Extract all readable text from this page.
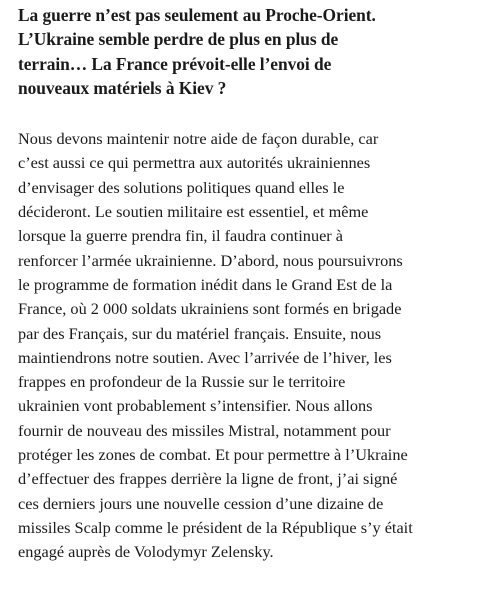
La guerre n’est pas seulement au Proche-Orient.
L’Ukraine semble perdre de plus en plus de
terrain… La France prévoit-elle l’envoi de
nouveaux matériels à Kiev ?

Nous devons maintenir notre aide de façon durable, car
c’est aussi ce qui permettra aux autorités ukrainiennes
d’envisager des solutions politiques quand elles le
décideront. Le soutien militaire est essentiel, et même
lorsque la guerre prendra fin, il faudra continuer à
renforcer l’armée ukrainienne. D’abord, nous poursuivrons
le programme de formation inédit dans le Grand Est de la
France, où 2 000 soldats ukrainiens sont formés en brigade
par des Français, sur du matériel français. Ensuite, nous
maintiendrons notre soutien. Avec l’arrivée de l’hiver, les
frappes en profondeur de la Russie sur le territoire
ukrainien vont probablement s’intensifier. Nous allons
fournir de nouveau des missiles Mistral, notamment pour
protéger les zones de combat. Et pour permettre à l’Ukraine
d’effectuer des frappes derrière la ligne de front, j’ai signé
ces derniers jours une nouvelle cession d’une dizaine de
missiles Scalp comme le président de la République s’y était
engagé auprès de Volodymyr Zelensky.
